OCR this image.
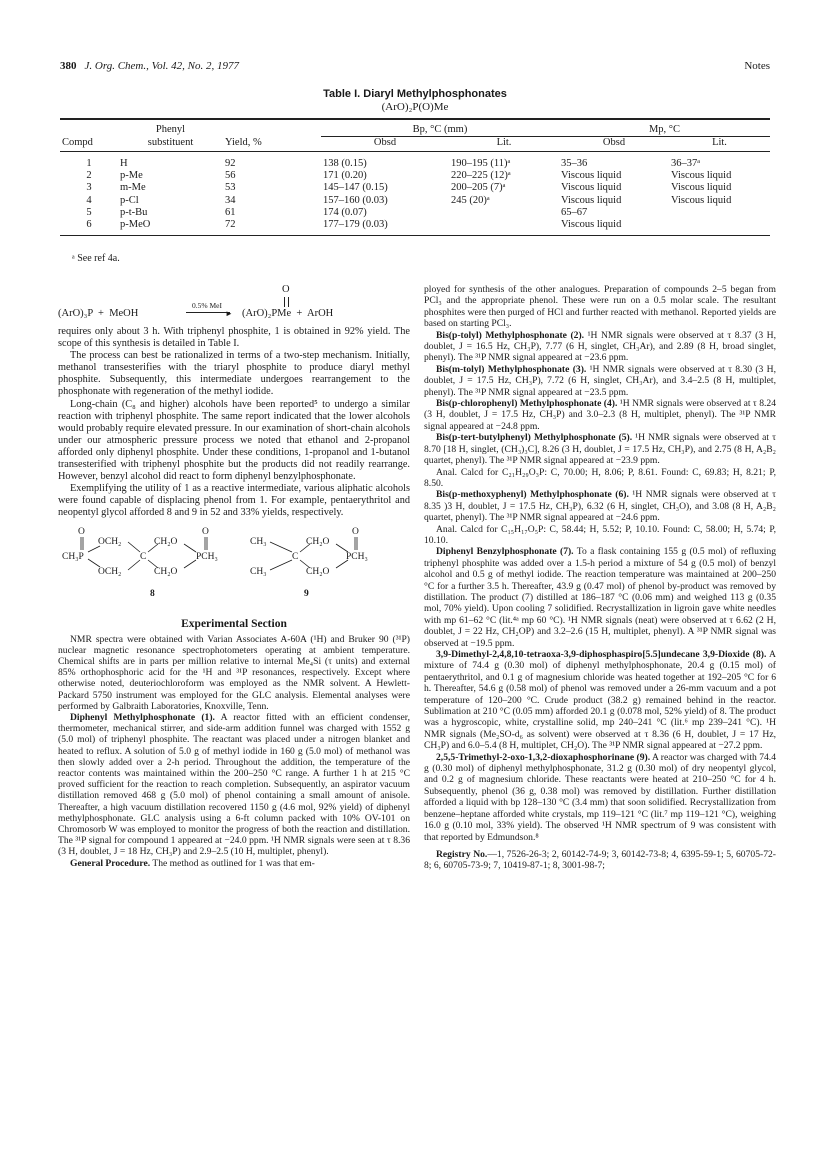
380 J. Org. Chem., Vol. 42, No. 2, 1977	Notes
Table I. Diaryl Methylphosphonates
(ArO)₂P(O)Me
	Phenyl		Bp, °C (mm)		Mp, °C	
Compd	substituent	Yield, %	Obsd	Lit.	Obsd	Lit.
1	H	92	138 (0.15)	190–195 (11)ᵃ	35–36	36–37ᵃ
2	p-Me	56	171 (0.20)	220–225 (12)ᵃ	Viscous liquid	Viscous liquid
3	m-Me	53	145–147 (0.15)	200–205 (7)ᵃ	Viscous liquid	Viscous liquid
4	p-Cl	34	157–160 (0.03)	245 (20)ᵃ	Viscous liquid	Viscous liquid
5	p-t-Bu	61	174 (0.07)		65–67	
6	p-MeO	72	177–179 (0.03)		Viscous liquid	
ᵃ See ref 4a.
(ArO)₃P  +  MeOH
0.5% MeI
►
O
(ArO)₂PMe  +  ArOH

requires only about 3 h. With triphenyl phosphite, 1 is obtained in 92% yield. The scope of this synthesis is detailed in Table I.

The process can best be rationalized in terms of a two-step mechanism. Initially, methanol transesterifies with the triaryl phosphite to produce diaryl methyl phosphite. Subsequently, this intermediate undergoes rearrangement to the phosphonate with regeneration of the methyl iodide.

Long-chain (C₈ and higher) alcohols have been reported⁵ to undergo a similar reaction with triphenyl phosphite. The same report indicated that the lower alcohols would probably require elevated pressure. In our examination of short-chain alcohols under our atmospheric pressure process we noted that ethanol and 2-propanol afforded only diphenyl phosphite. Under these conditions, 1-propanol and 1-butanol transesterified with triphenyl phosphite but the products did not readily rearrange. However, benzyl alcohol did react to form diphenyl benzylphosphonate.

Exemplifying the utility of 1 as a reactive intermediate, various aliphatic alcohols were found capable of displacing phenol from 1. For example, pentaerythritol and neopentyl glycol afforded 8 and 9 in 52 and 33% yields, respectively.

O
CH₃P
OCH₂
OCH₂
C
CH₂O
CH₂O
PCH₃
O
8
CH₃
CH₃
C
CH₂O
CH₂O
PCH₃
O
9
Experimental Section

NMR spectra were obtained with Varian Associates A-60A (¹H) and Bruker 90 (³¹P) nuclear magnetic resonance spectrophotometers operating at ambient temperature. Chemical shifts are in parts per million relative to internal Me₄Si (τ units) and external 85% orthophosphoric acid for the ¹H and ³¹P resonances, respectively. Except where otherwise noted, deuteriochloroform was employed as the NMR solvent. A Hewlett-Packard 5750 instrument was employed for the GLC analysis. Elemental analyses were performed by Galbraith Laboratories, Knoxville, Tenn.

Diphenyl Methylphosphonate (1). A reactor fitted with an efficient condenser, thermometer, mechanical stirrer, and side-arm addition funnel was charged with 1552 g (5.0 mol) of triphenyl phosphite. The reactant was placed under a nitrogen blanket and heated to reflux. A solution of 5.0 g of methyl iodide in 160 g (5.0 mol) of methanol was then slowly added over a 2-h period. Throughout the addition, the temperature of the reactor contents was maintained within the 200–250 °C range. A further 1 h at 215 °C proved sufficient for the reaction to reach completion. Subsequently, an aspirator vacuum distillation removed 468 g (5.0 mol) of phenol containing a small amount of anisole. Thereafter, a high vacuum distillation recovered 1150 g (4.6 mol, 92% yield) of diphenyl methylphosphonate. GLC analysis using a 6-ft column packed with 10% OV-101 on Chromosorb W was employed to monitor the progress of both the reaction and distillation. The ³¹P signal for compound 1 appeared at −24.0 ppm. ¹H NMR signals were seen at τ 8.36 (3 H, doublet, J = 18 Hz, CH₃P) and 2.9–2.5 (10 H, multiplet, phenyl).

General Procedure. The method as outlined for 1 was that em-

ployed for synthesis of the other analogues. Preparation of compounds 2–5 began from PCl₃ and the appropriate phenol. These were run on a 0.5 molar scale. The resultant phosphites were then purged of HCl and further reacted with methanol. Reported yields are based on starting PCl₃.

Bis(p-tolyl) Methylphosphonate (2). ¹H NMR signals were observed at τ 8.37 (3 H, doublet, J = 16.5 Hz, CH₃P), 7.77 (6 H, singlet, CH₃Ar), and 2.89 (8 H, broad singlet, phenyl). The ³¹P NMR signal appeared at −23.6 ppm.

Bis(m-tolyl) Methylphosphonate (3). ¹H NMR signals were observed at τ 8.30 (3 H, doublet, J = 17.5 Hz, CH₃P), 7.72 (6 H, singlet, CH₃Ar), and 3.4–2.5 (8 H, multiplet, phenyl). The ³¹P NMR signal appeared at −23.5 ppm.

Bis(p-chlorophenyl) Methylphosphonate (4). ¹H NMR signals were observed at τ 8.24 (3 H, doublet, J = 17.5 Hz, CH₃P) and 3.0–2.3 (8 H, multiplet, phenyl). The ³¹P NMR signal appeared at −24.8 ppm.

Bis(p-tert-butylphenyl) Methylphosphonate (5). ¹H NMR signals were observed at τ 8.70 [18 H, singlet, (CH₃)₃C], 8.26 (3 H, doublet, J = 17.5 Hz, CH₃P), and 2.75 (8 H, A₂B₂ quartet, phenyl). The ³¹P NMR signal appeared at −23.9 ppm.

Anal. Calcd for C₂₁H₂₉O₃P: C, 70.00; H, 8.06; P, 8.61. Found: C, 69.83; H, 8.21; P, 8.50.

Bis(p-methoxyphenyl) Methylphosphonate (6). ¹H NMR signals were observed at τ 8.35 )3 H, doublet, J = 17.5 Hz, CH₃P), 6.32 (6 H, singlet, CH₃O), and 3.08 (8 H, A₂B₂ quartet, phenyl). The ³¹P NMR signal appeared at −24.6 ppm.

Anal. Calcd for C₁₅H₁₇O₅P: C, 58.44; H, 5.52; P, 10.10. Found: C, 58.00; H, 5.74; P, 10.10.

Diphenyl Benzylphosphonate (7). To a flask containing 155 g (0.5 mol) of refluxing triphenyl phosphite was added over a 1.5-h period a mixture of 54 g (0.5 mol) of benzyl alcohol and 0.5 g of methyl iodide. The reaction temperature was maintained at 200–250 °C for a further 3.5 h. Thereafter, 43.9 g (0.47 mol) of phenol by-product was removed by distillation. The product (7) distilled at 186–187 °C (0.06 mm) and weighed 113 g (0.35 mol, 70% yield). Upon cooling 7 solidified. Recrystallization in ligroin gave white needles with mp 61–62 °C (lit.⁴ᵃ mp 60 °C). ¹H NMR signals (neat) were observed at τ 6.62 (2 H, doublet, J = 22 Hz, CH₂OP) and 3.2–2.6 (15 H, multiplet, phenyl). A ³¹P NMR signal was observed at −19.5 ppm.

3,9-Dimethyl-2,4,8,10-tetraoxa-3,9-diphosphaspiro[5.5]undecane 3,9-Dioxide (8). A mixture of 74.4 g (0.30 mol) of diphenyl methylphosphonate, 20.4 g (0.15 mol) of pentaerythritol, and 0.1 g of magnesium chloride was heated together at 192–205 °C for 6 h. Thereafter, 54.6 g (0.58 mol) of phenol was removed under a 26-mm vacuum and a pot temperature of 120–200 °C. Crude product (38.2 g) remained behind in the reactor. Sublimation at 210 °C (0.05 mm) afforded 20.1 g (0.078 mol, 52% yield) of 8. The product was a hygroscopic, white, crystalline solid, mp 240–241 °C (lit.⁶ mp 239–241 °C). ¹H NMR signals (Me₂SO-d₆ as solvent) were observed at τ 8.36 (6 H, doublet, J = 17 Hz, CH₃P) and 6.0–5.4 (8 H, multiplet, CH₂O). The ³¹P NMR signal appeared at −27.2 ppm.

2,5,5-Trimethyl-2-oxo-1,3,2-dioxaphosphorinane (9). A reactor was charged with 74.4 g (0.30 mol) of diphenyl methylphosphonate, 31.2 g (0.30 mol) of dry neopentyl glycol, and 0.2 g of magnesium chloride. These reactants were heated at 210–250 °C for 4 h. Subsequently, phenol (36 g, 0.38 mol) was removed by distillation. Further distillation afforded a liquid with bp 128–130 °C (3.4 mm) that soon solidified. Recrystallization from benzene–heptane afforded white crystals, mp 119–121 °C (lit.⁷ mp 119–121 °C), weighing 16.0 g (0.10 mol, 33% yield). The observed ¹H NMR spectrum of 9 was consistent with that reported by Edmundson.⁸

Registry No.—1, 7526-26-3; 2, 60142-74-9; 3, 60142-73-8; 4, 6395-59-1; 5, 60705-72-8; 6, 60705-73-9; 7, 10419-87-1; 8, 3001-98-7;
